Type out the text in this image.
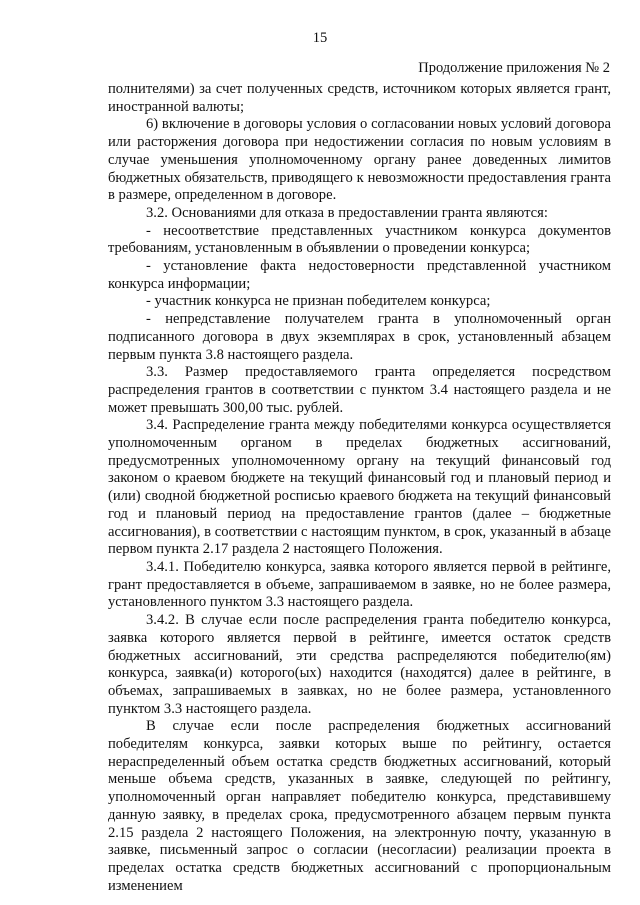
15
Продолжение приложения № 2

полнителями) за счет полученных средств, источником которых является грант, иностранной валюты;

6) включение в договоры условия о согласовании новых условий договора или расторжения договора при недостижении согласия по новым условиям в случае уменьшения уполномоченному органу ранее доведенных лимитов бюджетных обязательств, приводящего к невозможности предоставления гранта в размере, определенном в договоре.

3.2. Основаниями для отказа в предоставлении гранта являются:

- несоответствие представленных участником конкурса документов требованиям, установленным в объявлении о проведении конкурса;

- установление факта недостоверности представленной участником конкурса информации;

- участник конкурса не признан победителем конкурса;

- непредставление получателем гранта в уполномоченный орган подписанного договора в двух экземплярах в срок, установленный абзацем первым пункта 3.8 настоящего раздела.

3.3. Размер предоставляемого гранта определяется посредством распределения грантов в соответствии с пунктом 3.4 настоящего раздела и не может превышать 300,00 тыс. рублей.

3.4. Распределение гранта между победителями конкурса осуществляется уполномоченным органом в пределах бюджетных ассигнований, предусмотренных уполномоченному органу на текущий финансовый год законом о краевом бюджете на текущий финансовый год и плановый период и (или) сводной бюджетной росписью краевого бюджета на текущий финансовый год и плановый период на предоставление грантов (далее – бюджетные ассигнования), в соответствии с настоящим пунктом, в срок, указанный в абзаце первом пункта 2.17 раздела 2 настоящего Положения.

3.4.1. Победителю конкурса, заявка которого является первой в рейтинге, грант предоставляется в объеме, запрашиваемом в заявке, но не более размера, установленного пунктом 3.3 настоящего раздела.

3.4.2. В случае если после распределения гранта победителю конкурса, заявка которого является первой в рейтинге, имеется остаток средств бюджетных ассигнований, эти средства распределяются победителю(ям) конкурса, заявка(и) которого(ых) находится (находятся) далее в рейтинге, в объемах, запрашиваемых в заявках, но не более размера, установленного пунктом 3.3 настоящего раздела.

В случае если после распределения бюджетных ассигнований победителям конкурса, заявки которых выше по рейтингу, остается нераспределенный объем остатка средств бюджетных ассигнований, который меньше объема средств, указанных в заявке, следующей по рейтингу, уполномоченный орган направляет победителю конкурса, представившему данную заявку, в пределах срока, предусмотренного абзацем первым пункта 2.15 раздела 2 настоящего Положения, на электронную почту, указанную в заявке, письменный запрос о согласии (несогласии) реализации проекта в пределах остатка средств бюджетных ассигнований с пропорциональным изменением
